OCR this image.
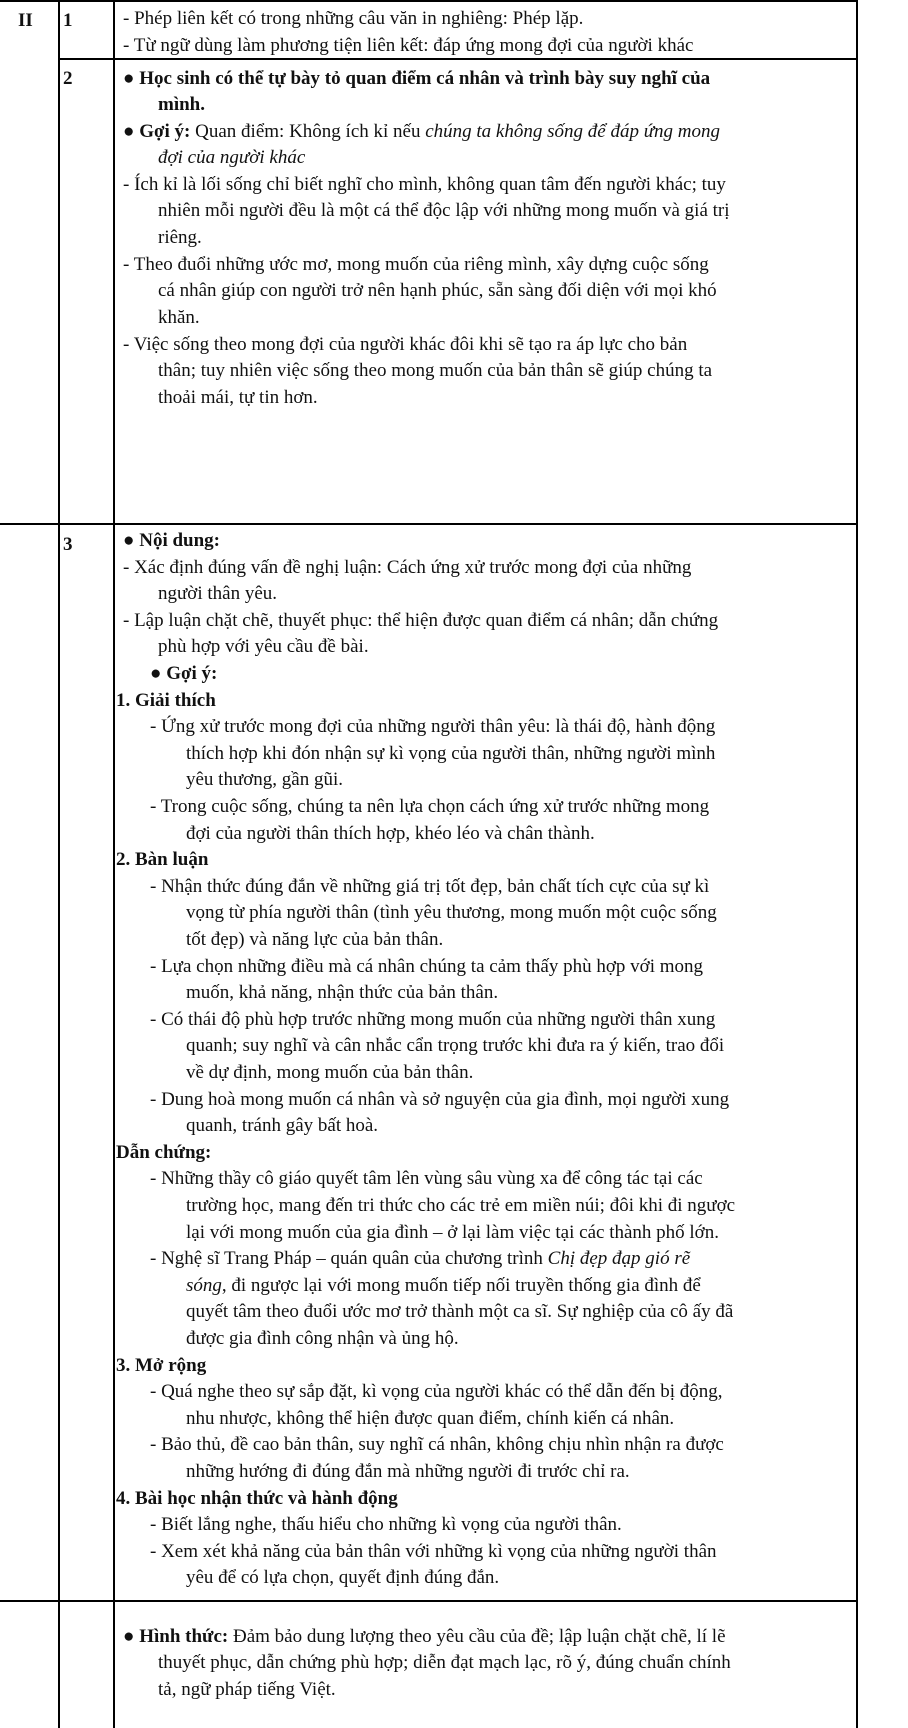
II 1	- Phép liên kết có trong những câu văn in nghiêng: Phép lặp.
- Từ ngữ dùng làm phương tiện liên kết: đáp ứng mong đợi của người khác
2	● Học sinh có thể tự bày tỏ quan điểm cá nhân và trình bày suy nghĩ của
mình.
● Gợi ý: Quan điểm: Không ích kỉ nếu chúng ta không sống để đáp ứng mong
đợi của người khác
- Ích kỉ là lối sống chỉ biết nghĩ cho mình, không quan tâm đến người khác; tuy
nhiên mỗi người đều là một cá thể độc lập với những mong muốn và giá trị
riêng.
- Theo đuổi những ước mơ, mong muốn của riêng mình, xây dựng cuộc sống
cá nhân giúp con người trở nên hạnh phúc, sẵn sàng đối diện với mọi khó
khăn.
- Việc sống theo mong đợi của người khác đôi khi sẽ tạo ra áp lực cho bản
thân; tuy nhiên việc sống theo mong muốn của bản thân sẽ giúp chúng ta
thoải mái, tự tin hơn.
3	● Nội dung:
- Xác định đúng vấn đề nghị luận: Cách ứng xử trước mong đợi của những
người thân yêu.
- Lập luận chặt chẽ, thuyết phục: thể hiện được quan điểm cá nhân; dẫn chứng
phù hợp với yêu cầu đề bài.
● Gợi ý:
1. Giải thích
- Ứng xử trước mong đợi của những người thân yêu: là thái độ, hành động
thích hợp khi đón nhận sự kì vọng của người thân, những người mình
yêu thương, gần gũi.
- Trong cuộc sống, chúng ta nên lựa chọn cách ứng xử trước những mong
đợi của người thân thích hợp, khéo léo và chân thành.
2. Bàn luận
- Nhận thức đúng đắn về những giá trị tốt đẹp, bản chất tích cực của sự kì
vọng từ phía người thân (tình yêu thương, mong muốn một cuộc sống
tốt đẹp) và năng lực của bản thân.
- Lựa chọn những điều mà cá nhân chúng ta cảm thấy phù hợp với mong
muốn, khả năng, nhận thức của bản thân.
- Có thái độ phù hợp trước những mong muốn của những người thân xung
quanh; suy nghĩ và cân nhắc cẩn trọng trước khi đưa ra ý kiến, trao đổi
về dự định, mong muốn của bản thân.
- Dung hoà mong muốn cá nhân và sở nguyện của gia đình, mọi người xung
quanh, tránh gây bất hoà.
Dẫn chứng:
- Những thầy cô giáo quyết tâm lên vùng sâu vùng xa để công tác tại các
trường học, mang đến tri thức cho các trẻ em miền núi; đôi khi đi ngược
lại với mong muốn của gia đình – ở lại làm việc tại các thành phố lớn.
- Nghệ sĩ Trang Pháp – quán quân của chương trình Chị đẹp đạp gió rẽ
sóng, đi ngược lại với mong muốn tiếp nối truyền thống gia đình để
quyết tâm theo đuổi ước mơ trở thành một ca sĩ. Sự nghiệp của cô ấy đã
được gia đình công nhận và ủng hộ.
3. Mở rộng
- Quá nghe theo sự sắp đặt, kì vọng của người khác có thể dẫn đến bị động,
nhu nhược, không thể hiện được quan điểm, chính kiến cá nhân.
- Bảo thủ, đề cao bản thân, suy nghĩ cá nhân, không chịu nhìn nhận ra được
những hướng đi đúng đắn mà những người đi trước chỉ ra.
4. Bài học nhận thức và hành động
- Biết lắng nghe, thấu hiểu cho những kì vọng của người thân.
- Xem xét khả năng của bản thân với những kì vọng của những người thân
yêu để có lựa chọn, quyết định đúng đắn.
● Hình thức: Đảm bảo dung lượng theo yêu cầu của đề; lập luận chặt chẽ, lí lẽ
thuyết phục, dẫn chứng phù hợp; diễn đạt mạch lạc, rõ ý, đúng chuẩn chính
tả, ngữ pháp tiếng Việt.
